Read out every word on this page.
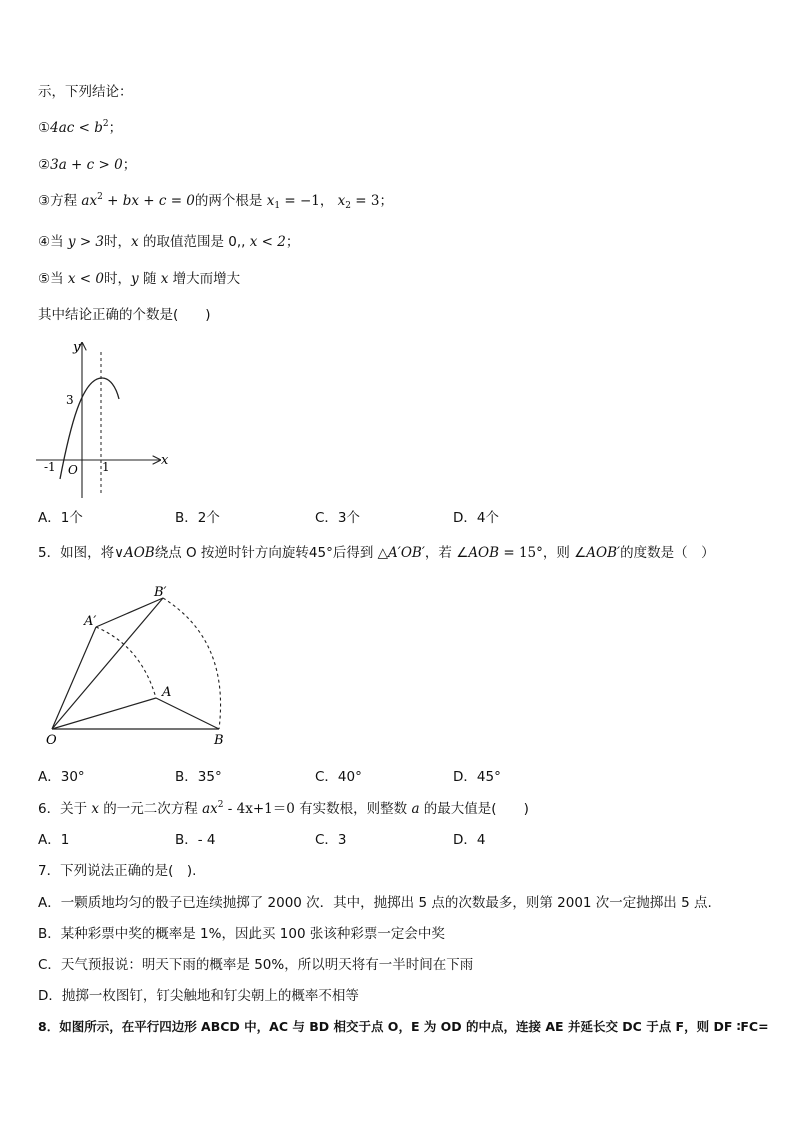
示，下列结论：
①4ac < $b^2$；
②3a + c > 0；
③方程 $ax^2$ + bx + c = 0的两个根是 $x_1 = -1$， $x_2 = 3$；
④当 y > 3时，x 的取值范围是 0,, x < 2；
⑤当 x < 0时，y 随 x 增大而增大
其中结论正确的个数是(　　)
y
x
3
-1 O 1
A．1个	B．2个	C．3个	D．4个
5．如图，将∨AOB绕点 O 按逆时针方向旋转45°后得到 △A′OB′，若 ∠AOB = 15°，则 ∠AOB′的度数是（　）
O
A
B
A′
B′
A．30°	B．35°	C．40°	D．45°
6．关于 x 的一元二次方程 $ax^2 - 4x+1=0$ 有实数根，则整数 a 的最大值是(　　)
A．1	B．- 4	C．3	D．4
7．下列说法正确的是(　).
A．一颗质地均匀的骰子已连续抛掷了 2000 次．其中，抛掷出 5 点的次数最多，则第 2001 次一定抛掷出 5 点.
B．某种彩票中奖的概率是 1%，因此买 100 张该种彩票一定会中奖
C．天气预报说：明天下雨的概率是 50%，所以明天将有一半时间在下雨
D．抛掷一枚图钉，钉尖触地和钉尖朝上的概率不相等
8．如图所示，在平行四边形 ABCD 中，AC 与 BD 相交于点 O，E 为 OD 的中点，连接 AE 并延长交 DC 于点 F，则 DF ∶FC=
